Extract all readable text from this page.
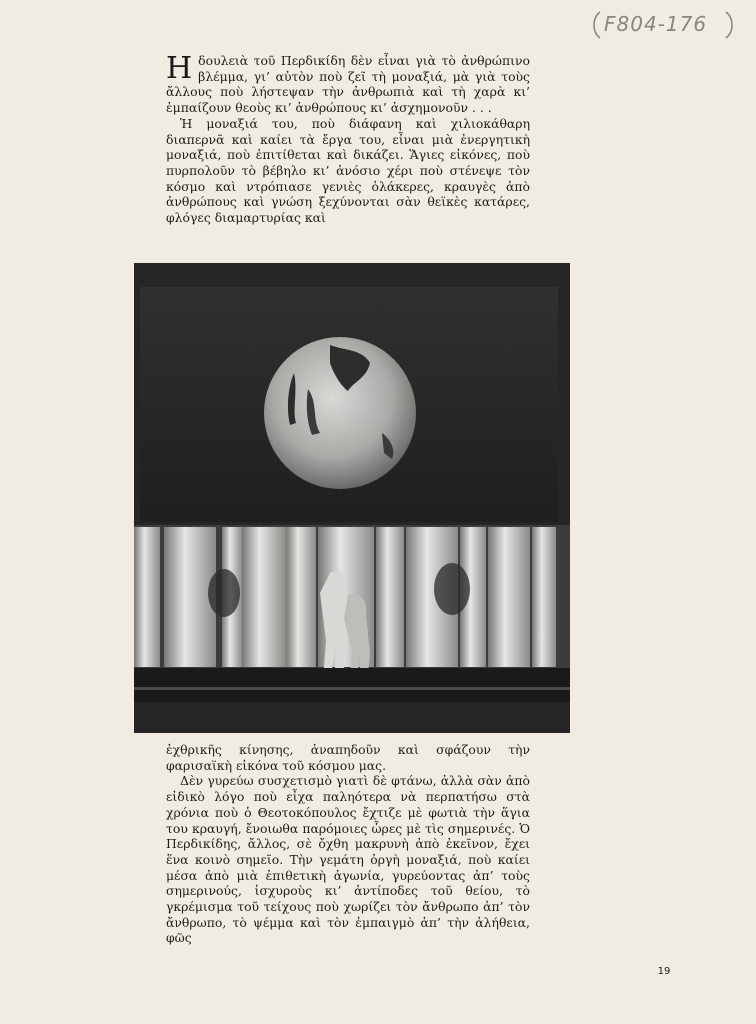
F804-176

Η δουλειὰ τοῦ Περδικίδη δὲν εἶναι γιὰ τὸ ἀνθρώπινο βλέμμα, γι’ αὐτὸν ποὺ ζεῖ τὴ μοναξιά, μὰ γιὰ τοὺς ἄλλους ποὺ λήστεψαν τὴν ἀνθρωπιὰ καὶ τὴ χαρὰ κι’ ἐμπαίζουν θεοὺς κι’ ἀνθρώπους κι’ ἀσχημονοῦν . . .

Ἡ μοναξιά του, ποὺ διάφανη καὶ χιλιοκάθαρη διαπερνᾶ καὶ καίει τὰ ἔργα του, εἶναι μιὰ ἐνεργητικὴ μοναξιά, ποὺ ἐπιτίθεται καὶ δικάζει. Ἅγιες εἰκόνες, ποὺ πυρπολοῦν τὸ βέβηλο κι’ ἀνόσιο χέρι ποὺ στένεψε τὸν κόσμο καὶ ντρόπιασε γενιὲς ὁλάκερες, κραυγὲς ἀπὸ ἀνθρώπους καὶ γνώση ξεχύνονται σὰν θεϊκὲς κατάρες, φλόγες διαμαρτυρίας καὶ

ἐχθρικῆς κίνησης, ἀναπηδοῦν καὶ σφάζουν τὴν φαρισαϊκὴ εἰκόνα τοῦ κόσμου μας.

Δὲν γυρεύω συσχετισμὸ γιατὶ δὲ φτάνω, ἀλλὰ σὰν ἀπὸ εἰδικὸ λόγο ποὺ εἶχα παληότερα νὰ περπατήσω στὰ χρόνια ποὺ ὁ Θεοτοκόπουλος ἔχτιζε μὲ φωτιὰ τὴν ἅγια του κραυγή, ἔνοιωθα παρόμοιες ὧρες μὲ τὶς σημερινές. Ὁ Περδικίδης, ἄλλος, σὲ ὄχθη μακρυνὴ ἀπὸ ἐκεῖνον, ἔχει ἕνα κοινὸ σημεῖο. Τὴν γεμάτη ὀργὴ μοναξιά, ποὺ καίει μέσα ἀπὸ μιὰ ἐπιθετικὴ ἀγωνία, γυρεύοντας ἀπ’ τοὺς σημερινούς, ἰσχυροὺς κι’ ἀντίποδες τοῦ θείου, τὸ γκρέμισμα τοῦ τείχους ποὺ χωρίζει τὸν ἄνθρωπο ἀπ’ τὸν ἄνθρωπο, τὸ ψέμμα καὶ τὸν ἐμπαιγμὸ ἀπ’ τὴν ἀλήθεια, φῶς

19
